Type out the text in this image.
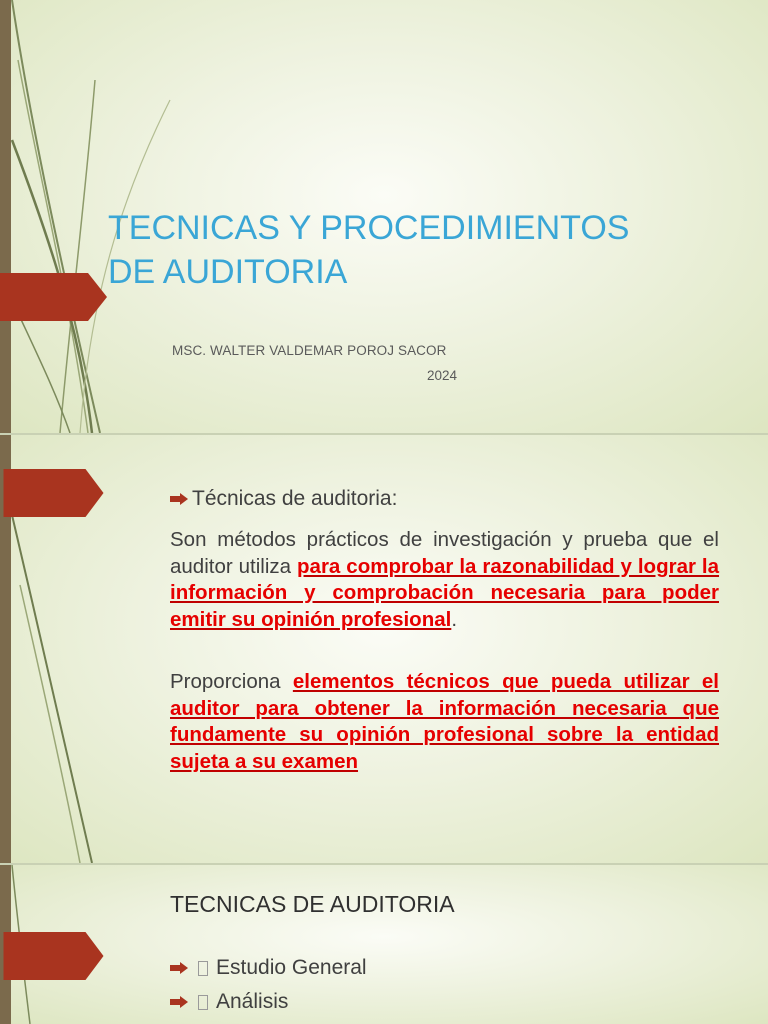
TECNICAS Y PROCEDIMIENTOS
DE AUDITORIA
MSC. WALTER VALDEMAR POROJ SACOR
2024
Técnicas de auditoria:
Son métodos prácticos de investigación y prueba que el auditor utiliza para comprobar la razonabilidad y lograr la información y comprobación necesaria para poder emitir su opinión profesional.
Proporciona elementos técnicos que pueda utilizar el auditor para obtener la información necesaria que fundamente su opinión profesional sobre la entidad sujeta a su examen
TECNICAS DE AUDITORIA
Estudio General
Análisis
